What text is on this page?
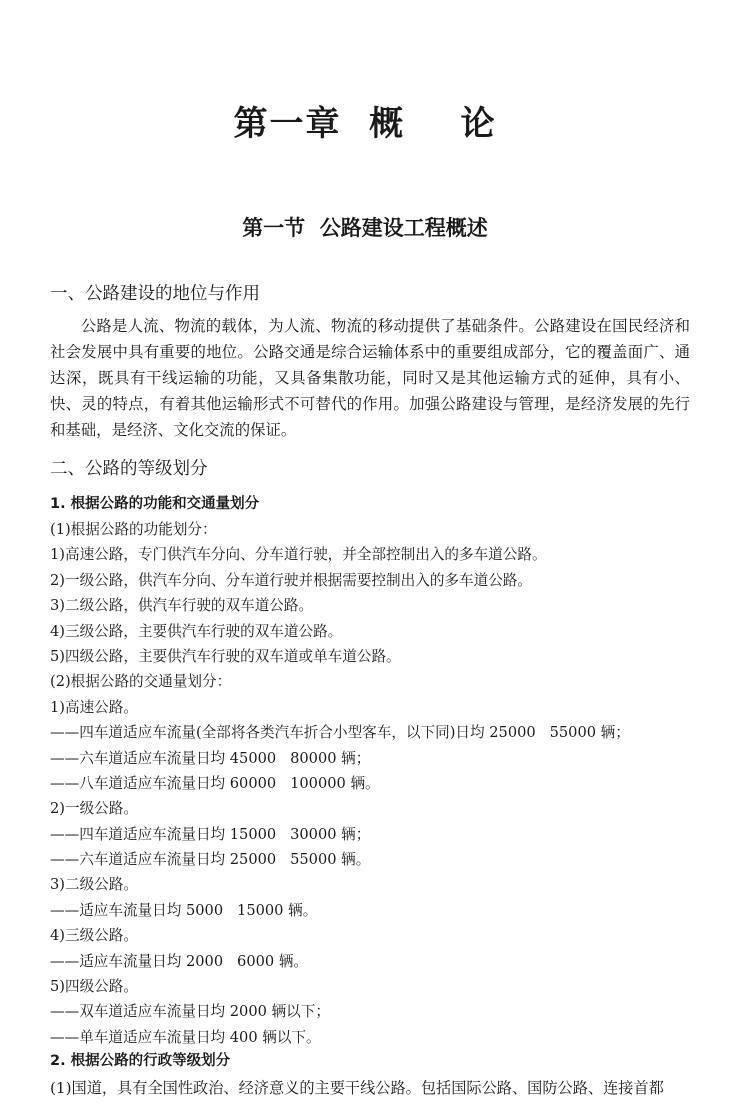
第一章  概    论
第一节  公路建设工程概述
一、公路建设的地位与作用
公路是人流、物流的载体，为人流、物流的移动提供了基础条件。公路建设在国民经济和社会发展中具有重要的地位。公路交通是综合运输体系中的重要组成部分，它的覆盖面广、通达深，既具有干线运输的功能，又具备集散功能，同时又是其他运输方式的延伸，具有小、快、灵的特点，有着其他运输形式不可替代的作用。加强公路建设与管理，是经济发展的先行和基础，是经济、文化交流的保证。
二、公路的等级划分
1. 根据公路的功能和交通量划分
(1)根据公路的功能划分：
1)高速公路，专门供汽车分向、分车道行驶，并全部控制出入的多车道公路。
2)一级公路，供汽车分向、分车道行驶并根据需要控制出入的多车道公路。
3)二级公路，供汽车行驶的双车道公路。
4)三级公路，主要供汽车行驶的双车道公路。
5)四级公路，主要供汽车行驶的双车道或单车道公路。
(2)根据公路的交通量划分：
1)高速公路。
——四车道适应车流量(全部将各类汽车折合小型客车，以下同)日均 25000   55000 辆；
——六车道适应车流量日均 45000   80000 辆；
——八车道适应车流量日均 60000   100000 辆。
2)一级公路。
——四车道适应车流量日均 15000   30000 辆；
——六车道适应车流量日均 25000   55000 辆。
3)二级公路。
——适应车流量日均 5000   15000 辆。
4)三级公路。
——适应车流量日均 2000   6000 辆。
5)四级公路。
——双车道适应车流量日均 2000 辆以下；
——单车道适应车流量日均 400 辆以下。
2. 根据公路的行政等级划分
(1)国道，具有全国性政治、经济意义的主要干线公路。包括国际公路、国防公路、连接首都
